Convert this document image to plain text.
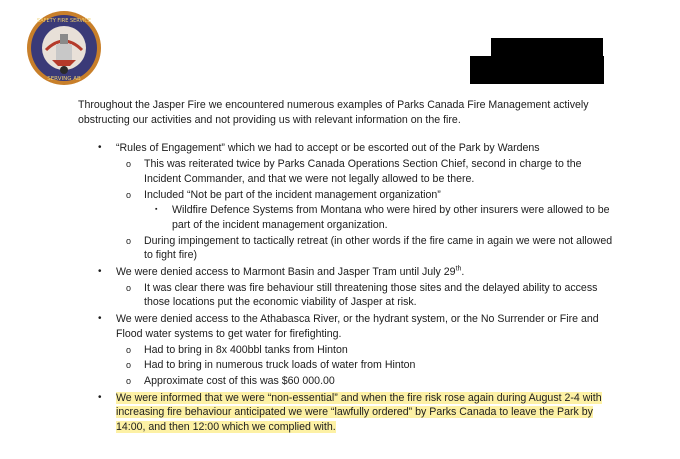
SAFETY FIRE SERVICE
SERVING AB

Throughout the Jasper Fire we encountered numerous examples of Parks Canada Fire Management actively obstructing our activities and not providing us with relevant information on the fire.

• “Rules of Engagement” which we had to accept or be escorted out of the Park by Wardens
o This was reiterated twice by Parks Canada Operations Section Chief, second in charge to the Incident Commander, and that we were not legally allowed to be there.
o Included “Not be part of the incident management organization”
▪ Wildfire Defence Systems from Montana who were hired by other insurers were allowed to be part of the incident management organization.
o During impingement to tactically retreat (in other words if the fire came in again we were not allowed to fight fire)
• We were denied access to Marmont Basin and Jasper Tram until July 29th.
o It was clear there was fire behaviour still threatening those sites and the delayed ability to access those locations put the economic viability of Jasper at risk.
• We were denied access to the Athabasca River, or the hydrant system, or the No Surrender or Fire and Flood water systems to get water for firefighting.
o Had to bring in 8x 400bbl tanks from Hinton
o Had to bring in numerous truck loads of water from Hinton
o Approximate cost of this was $60 000.00
• We were informed that we were “non-essential” and when the fire risk rose again during August 2-4 with increasing fire behaviour anticipated we were “lawfully ordered” by Parks Canada to leave the Park by 14:00, and then 12:00 which we complied with.
